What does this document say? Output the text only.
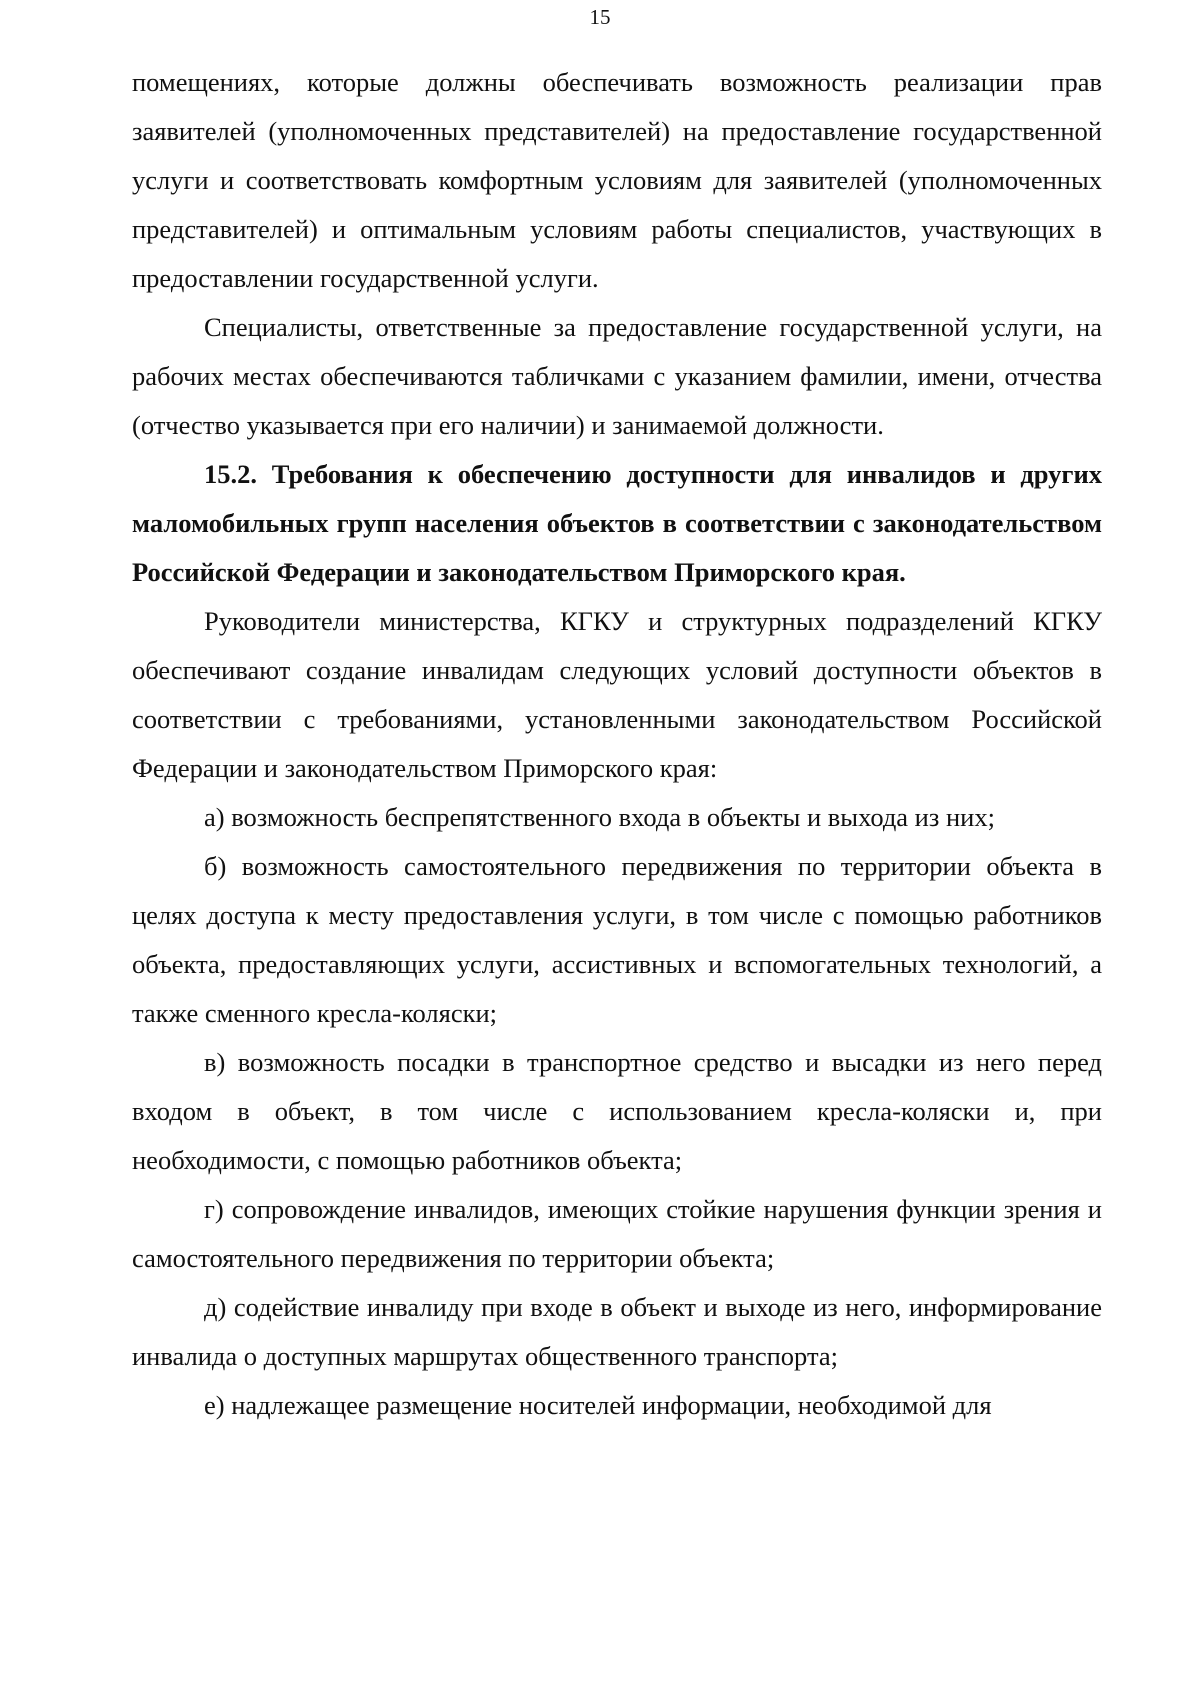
15

помещениях, которые должны обеспечивать возможность реализации прав заявителей (уполномоченных представителей) на предоставление государственной услуги и соответствовать комфортным условиям для заявителей (уполномоченных представителей) и оптимальным условиям работы специалистов, участвующих в предоставлении государственной услуги.

Специалисты, ответственные за предоставление государственной услуги, на рабочих местах обеспечиваются табличками с указанием фамилии, имени, отчества (отчество указывается при его наличии) и занимаемой должности.

15.2. Требования к обеспечению доступности для инвалидов и других маломобильных групп населения объектов в соответствии с законодательством Российской Федерации и законодательством Приморского края.

Руководители министерства, КГКУ и структурных подразделений КГКУ обеспечивают создание инвалидам следующих условий доступности объектов в соответствии с требованиями, установленными законодательством Российской Федерации и законодательством Приморского края:

а) возможность беспрепятственного входа в объекты и выхода из них;

б) возможность самостоятельного передвижения по территории объекта в целях доступа к месту предоставления услуги, в том числе с помощью работников объекта, предоставляющих услуги, ассистивных и вспомогательных технологий, а также сменного кресла-коляски;

в) возможность посадки в транспортное средство и высадки из него перед входом в объект, в том числе с использованием кресла-коляски и, при необходимости, с помощью работников объекта;

г) сопровождение инвалидов, имеющих стойкие нарушения функции зрения и самостоятельного передвижения по территории объекта;

д) содействие инвалиду при входе в объект и выходе из него, информирование инвалида о доступных маршрутах общественного транспорта;

е) надлежащее размещение носителей информации, необходимой для
